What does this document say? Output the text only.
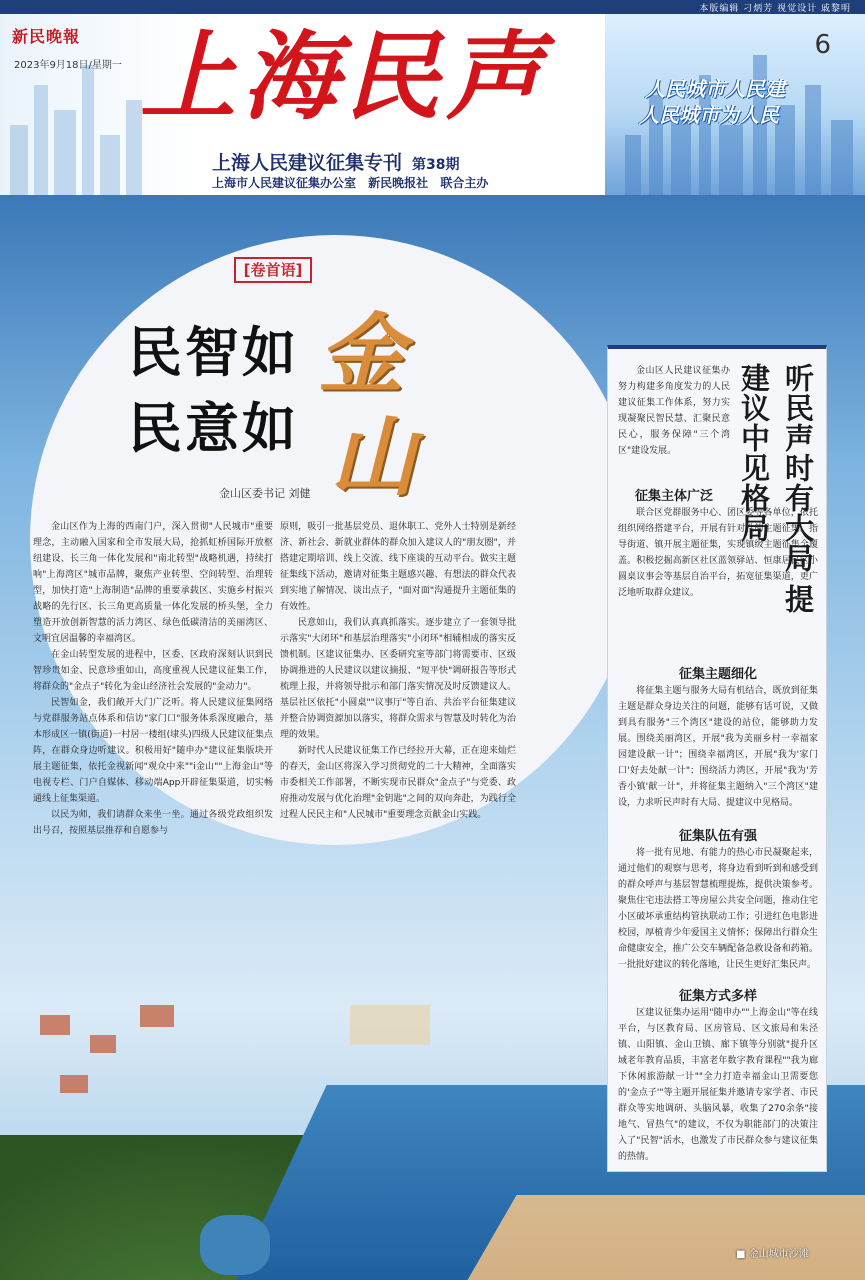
本版编辑 刁炳芳 视觉设计 戚黎明
新民晚報
2023年9月18日/星期一
6
上海民声	人民城市人民建
人民城市为人民
上海人民建议征集专刊 第38期
上海市人民建议征集办公室 新民晚报社 联合主办
[卷首语]
民智如
民意如
金
山
金山区委书记 刘健

金山区作为上海的西南门户，深入贯彻"人民城市"重要理念，主动融入国家和全市发展大局，抢抓虹桥国际开放枢纽建设、长三角一体化发展和"南北转型"战略机遇，持续打响"上海湾区"城市品牌，聚焦产业转型、空间转型、治理转型，加快打造"上海制造"品牌的重要承载区、实施乡村振兴战略的先行区、长三角更高质量一体化发展的桥头堡，全力塑造开放创新智慧的活力湾区、绿色低碳清洁的美丽湾区、文明宜居温馨的幸福湾区。

在金山转型发展的进程中，区委、区政府深刻认识到民智珍贵如金、民意珍重如山，高度重视人民建议征集工作，将群众的"金点子"转化为金山经济社会发展的"金动力"。

民智如金，我们敞开大门广泛听。将人民建议征集网络与党群服务站点体系和信访"家门口"服务体系深度融合，基本形成区一镇(街道)一村居一楼组(埭头)四级人民建议征集点阵，在群众身边听建议。积极用好"随申办"建议征集版块开展主题征集，依托金视新闻"观众中来""i金山""上海金山"等电视专栏、门户自媒体、移动端App开辟征集渠道，切实畅通线上征集渠道。

以民为师，我们请群众来坐一坐。通过各级党政组织发出号召，按照基层推荐和自愿参与

原则，吸引一批基层党员、退休职工、党外人士特别是新经济、新社会、新就业群体的群众加入建议人的"朋友圈"，并搭建定期培训、线上交流、线下座谈的互动平台。做实主题征集线下活动，邀请对征集主题感兴趣、有想法的群众代表到实地了解情况、谈出点子，"面对面"沟通提升主题征集的有效性。

民意如山，我们认真真抓落实。逐步建立了一套领导批示落实"大闭环"和基层治理落实"小闭环"相辅相成的落实反馈机制。区建议征集办、区委研究室等部门将需要市、区级协调推进的人民建议以建议摘报、"短平快"调研报告等形式梳理上报，并将领导批示和部门落实情况及时反馈建议人。基层社区依托"小圆桌""议事厅"等自治、共治平台征集建议并整合协调资源加以落实，将群众需求与智慧及时转化为治理的效果。

新时代人民建议征集工作已经拉开大幕，正在迎来灿烂的春天，金山区将深入学习贯彻党的二十大精神，全面落实市委相关工作部署，不断实现市民群众"金点子"与党委、政府推动发展与优化治理"金钥匙"之间的双向奔赴，为践行全过程人民民主和"人民城市"重要理念贡献金山实践。

听民声时有大局 提建议中见格局

金山区人民建议征集办努力构建多角度发力的人民建议征集工作体系，努力实现凝聚民智民慧、汇聚民意民心，服务保障"三个湾区"建设发展。

征集主体广泛

联合区党群服务中心、团区委等各单位，依托组织网络搭建平台，开展有针对性的主题征集。指导街道、镇开展主题征集，实现镇级主题征集全覆盖。积极挖掘高新区社区蓝领驿站、恒康居民区小圆桌议事会等基层自治平台，拓宽征集渠道，更广泛地听取群众建议。

征集主题细化

将征集主题与服务大局有机结合，既放到征集主题是群众身边关注的问题，能够有话可说，又做到具有服务"三个湾区"建设的站位，能够助力发展。围绕美丽湾区，开展"我为美丽乡村一幸福家园建设献一计"；围绕幸福湾区，开展"我为'家门口'好去处献一计"；围绕活力湾区，开展"我为'芳香小镇'献一计"，并将征集主题纳入"三个湾区"建设，力求听民声时有大局、提建议中见格局。

征集队伍有强

将一批有见地、有能力的热心市民凝聚起来，通过他们的观察与思考，将身边看到听到和感受到的群众呼声与基层智慧梳理提炼，提供决策参考。聚焦住宅违法搭工等房屋公共安全问题，推动住宅小区破坏承重结构管执联动工作；引进红色电影进校园，厚植青少年爱国主义情怀；保障出行群众生命健康安全，推广公交车辆配备急救设备和药箱。一批批好建议的转化落地，让民生更好汇集民声。

征集方式多样

区建议征集办运用"随申办""上海金山"等在线平台，与区教育局、区房管局、区文旅局和朱泾镇、山阳镇、金山卫镇、廊下镇等分别就"提升区域老年教育品质，丰富老年数字教育课程""我为廊下休闲旅游献一计""全力打造幸福金山卫需要您的'金点子'"等主题开展征集并邀请专家学者、市民群众等实地调研、头脑风暴，收集了270余条"接地气、冒热气"的建议，不仅为职能部门的决策注入了"民智"活水，也激发了市民群众参与建议征集的热情。

■ 金山城市沙滩
